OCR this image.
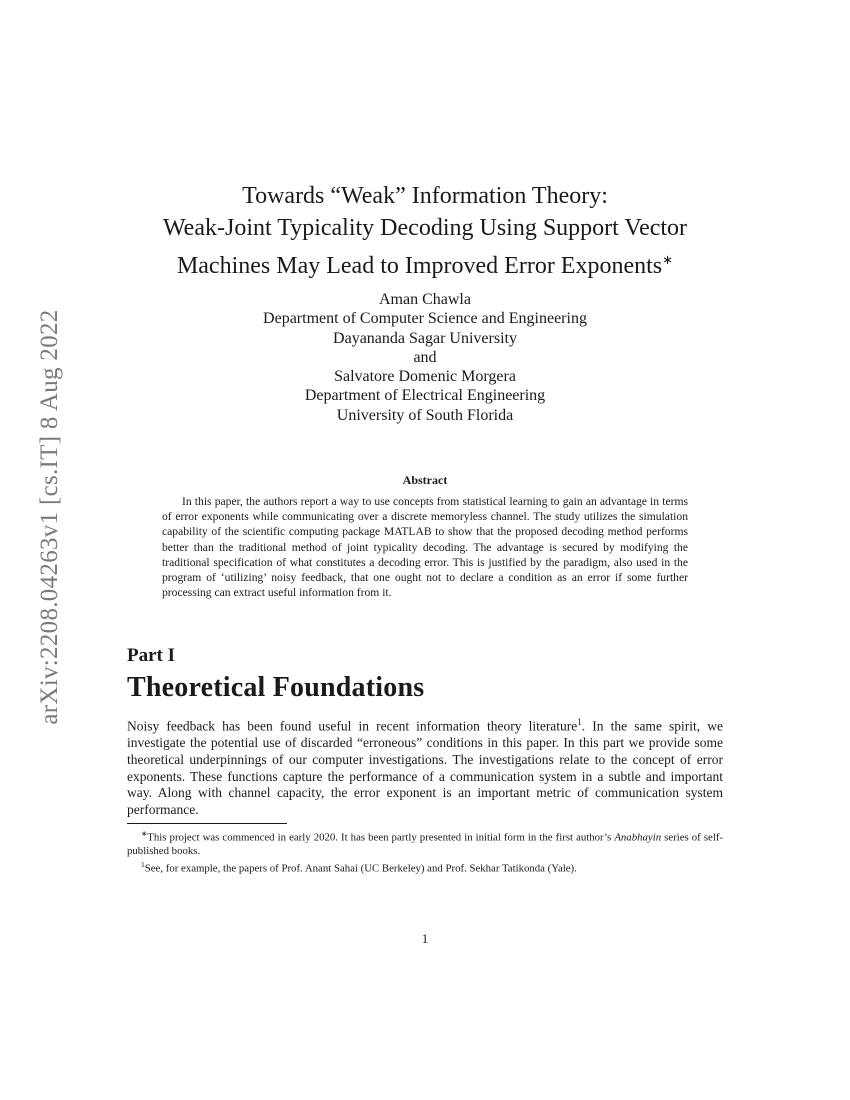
arXiv:2208.04263v1 [cs.IT] 8 Aug 2022
Towards “Weak” Information Theory:
Weak-Joint Typicality Decoding Using Support Vector
Machines May Lead to Improved Error Exponents∗
Aman Chawla
Department of Computer Science and Engineering
Dayananda Sagar University
and
Salvatore Domenic Morgera
Department of Electrical Engineering
University of South Florida
Abstract
In this paper, the authors report a way to use concepts from statistical learning to gain an advantage in terms of error exponents while communicating over a discrete memoryless channel. The study utilizes the simulation capability of the scientific computing package MATLAB to show that the proposed decoding method performs better than the traditional method of joint typicality decoding. The advantage is secured by modifying the traditional specification of what constitutes a decoding error. This is justified by the paradigm, also used in the program of ‘utilizing’ noisy feedback, that one ought not to declare a condition as an error if some further processing can extract useful information from it.
Part I
Theoretical Foundations
Noisy feedback has been found useful in recent information theory literature$^1$. In the same spirit, we investigate the potential use of discarded “erroneous” conditions in this paper. In this part we provide some theoretical underpinnings of our computer investigations. The investigations relate to the concept of error exponents. These functions capture the performance of a communication system in a subtle and important way. Along with channel capacity, the error exponent is an important metric of communication system performance.
∗This project was commenced in early 2020. It has been partly presented in initial form in the first author’s Anabhayin series of self-published books.
$^1$See, for example, the papers of Prof. Anant Sahai (UC Berkeley) and Prof. Sekhar Tatikonda (Yale).
1
